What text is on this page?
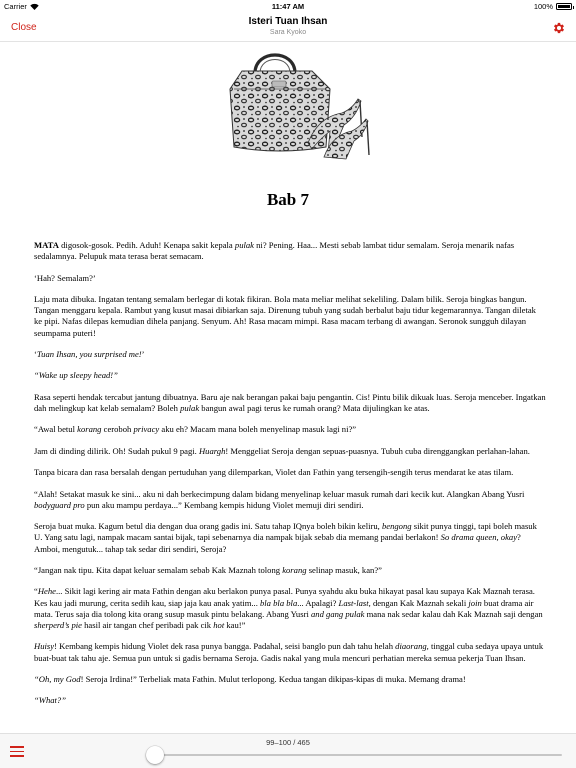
Carrier	11:47 AM	100%
Close
Isteri Tuan Ihsan
Sara Kyoko
Bab 7

MATA digosok-gosok. Pedih. Aduh! Kenapa sakit kepala pulak ni? Pening. Haa... Mesti sebab lambat tidur semalam. Seroja menarik nafas sedalamnya. Pelupuk mata terasa berat semacam.

‘Hah? Semalam?’

Laju mata dibuka. Ingatan tentang semalam berlegar di kotak fikiran. Bola mata meliar melihat sekeliling. Dalam bilik. Seroja bingkas bangun. Tangan menggaru kepala. Rambut yang kusut masai dibiarkan saja. Direnung tubuh yang sudah berbalut baju tidur kegemarannya. Tangan diletak ke pipi. Nafas dilepas kemudian dihela panjang. Senyum. Ah! Rasa macam mimpi. Rasa macam terbang di awangan. Seronok sungguh dilayan seumpama puteri!

‘Tuan Ihsan, you surprised me!’

“Wake up sleepy head!”

Rasa seperti hendak tercabut jantung dibuatnya. Baru aje nak berangan pakai baju pengantin. Cis! Pintu bilik dikuak luas. Seroja menceber. Ingatkan dah melingkup kat kelab semalam? Boleh pulak bangun awal pagi terus ke rumah orang? Mata dijulingkan ke atas.

“Awal betul korang ceroboh privacy aku eh? Macam mana boleh menyelinap masuk lagi ni?”

Jam di dinding dilirik. Oh! Sudah pukul 9 pagi. Huargh! Menggeliat Seroja dengan sepuas-puasnya. Tubuh cuba direnggangkan perlahan-lahan.

Tanpa bicara dan rasa bersalah dengan pertuduhan yang dilemparkan, Violet dan Fathin yang tersengih-sengih terus mendarat ke atas tilam.

“Alah! Setakat masuk ke sini... aku ni dah berkecimpung dalam bidang menyelinap keluar masuk rumah dari kecik kut. Alangkan Abang Yusri bodyguard pro pun aku mampu perdaya...” Kembang kempis hidung Violet memuji diri sendiri.

Seroja buat muka. Kagum betul dia dengan dua orang gadis ini. Satu tahap IQnya boleh bikin keliru, bengong sikit punya tinggi, tapi boleh masuk U. Yang satu lagi, nampak macam santai bijak, tapi sebenarnya dia nampak bijak sebab dia memang pandai berlakon! So drama queen, okay? Amboi, mengutuk... tahap tak sedar diri sendiri, Seroja?

“Jangan nak tipu. Kita dapat keluar semalam sebab Kak Maznah tolong korang selinap masuk, kan?”

“Hehe... Sikit lagi kering air mata Fathin dengan aku berlakon punya pasal. Punya syahdu aku buka hikayat pasal kau supaya Kak Maznah terasa. Kes kau jadi murung, cerita sedih kau, siap jaja kau anak yatim... bla bla bla... Apalagi? Last-last, dengan Kak Maznah sekali join buat drama air mata. Terus saja dia tolong kita orang susup masuk pintu belakang. Abang Yusri and gang pulak mana nak sedar kalau dah Kak Maznah saji dengan sherperd’s pie hasil air tangan chef peribadi pak cik hot kau!”

Huisy! Kembang kempis hidung Violet dek rasa punya bangga. Padahal, seisi banglo pun dah tahu helah diaorang, tinggal cuba sedaya upaya untuk buat-buat tak tahu aje. Semua pun untuk si gadis bernama Seroja. Gadis nakal yang mula mencuri perhatian mereka semua pekerja Tuan Ihsan.

“Oh, my God! Seroja Irdina!” Terbeliak mata Fathin. Mulut terlopong. Kedua tangan dikipas-kipas di muka. Memang drama!

“What?”

99–100 / 465
